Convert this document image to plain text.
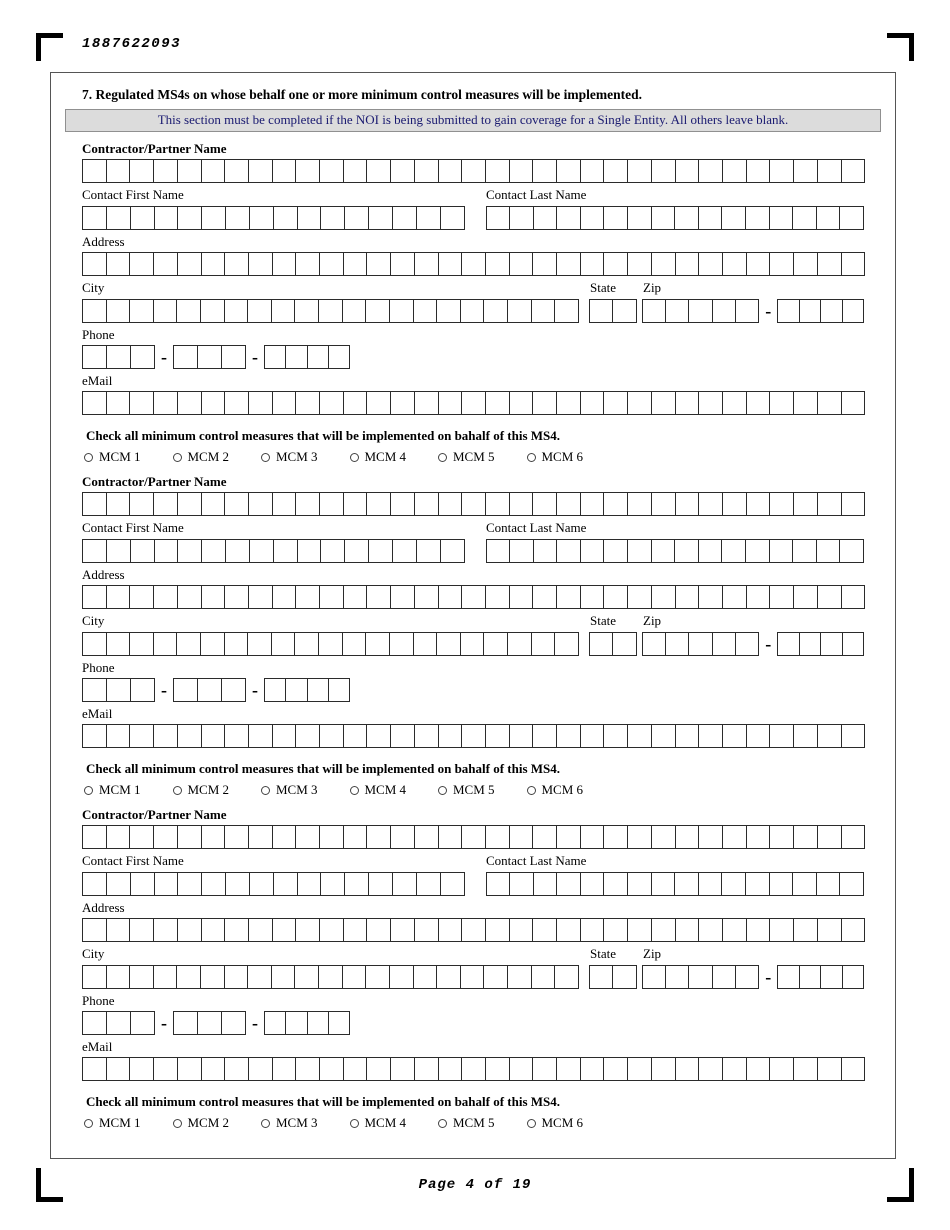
1887622093
7. Regulated MS4s on whose behalf one or more minimum control measures will be implemented.
This section must be completed if the NOI is being submitted to gain coverage for a Single Entity. All others leave blank.
Contractor/Partner Name
Contact First Name	Contact Last Name
Address
City	State Zip
-
Phone
-	-
eMail
Check all minimum control measures that will be implemented on bahalf of this MS4.
MCM 1	MCM 2	MCM 3	MCM 4	MCM 5	MCM 6
Contractor/Partner Name
Contact First Name	Contact Last Name
Address
City	State Zip
-
Phone
-	-
eMail
Check all minimum control measures that will be implemented on bahalf of this MS4.
MCM 1	MCM 2	MCM 3	MCM 4	MCM 5	MCM 6
Contractor/Partner Name
Contact First Name	Contact Last Name
Address
City	State Zip
-
Phone
-	-
eMail
Check all minimum control measures that will be implemented on bahalf of this MS4.
MCM 1	MCM 2	MCM 3	MCM 4	MCM 5	MCM 6
Page 4 of 19
